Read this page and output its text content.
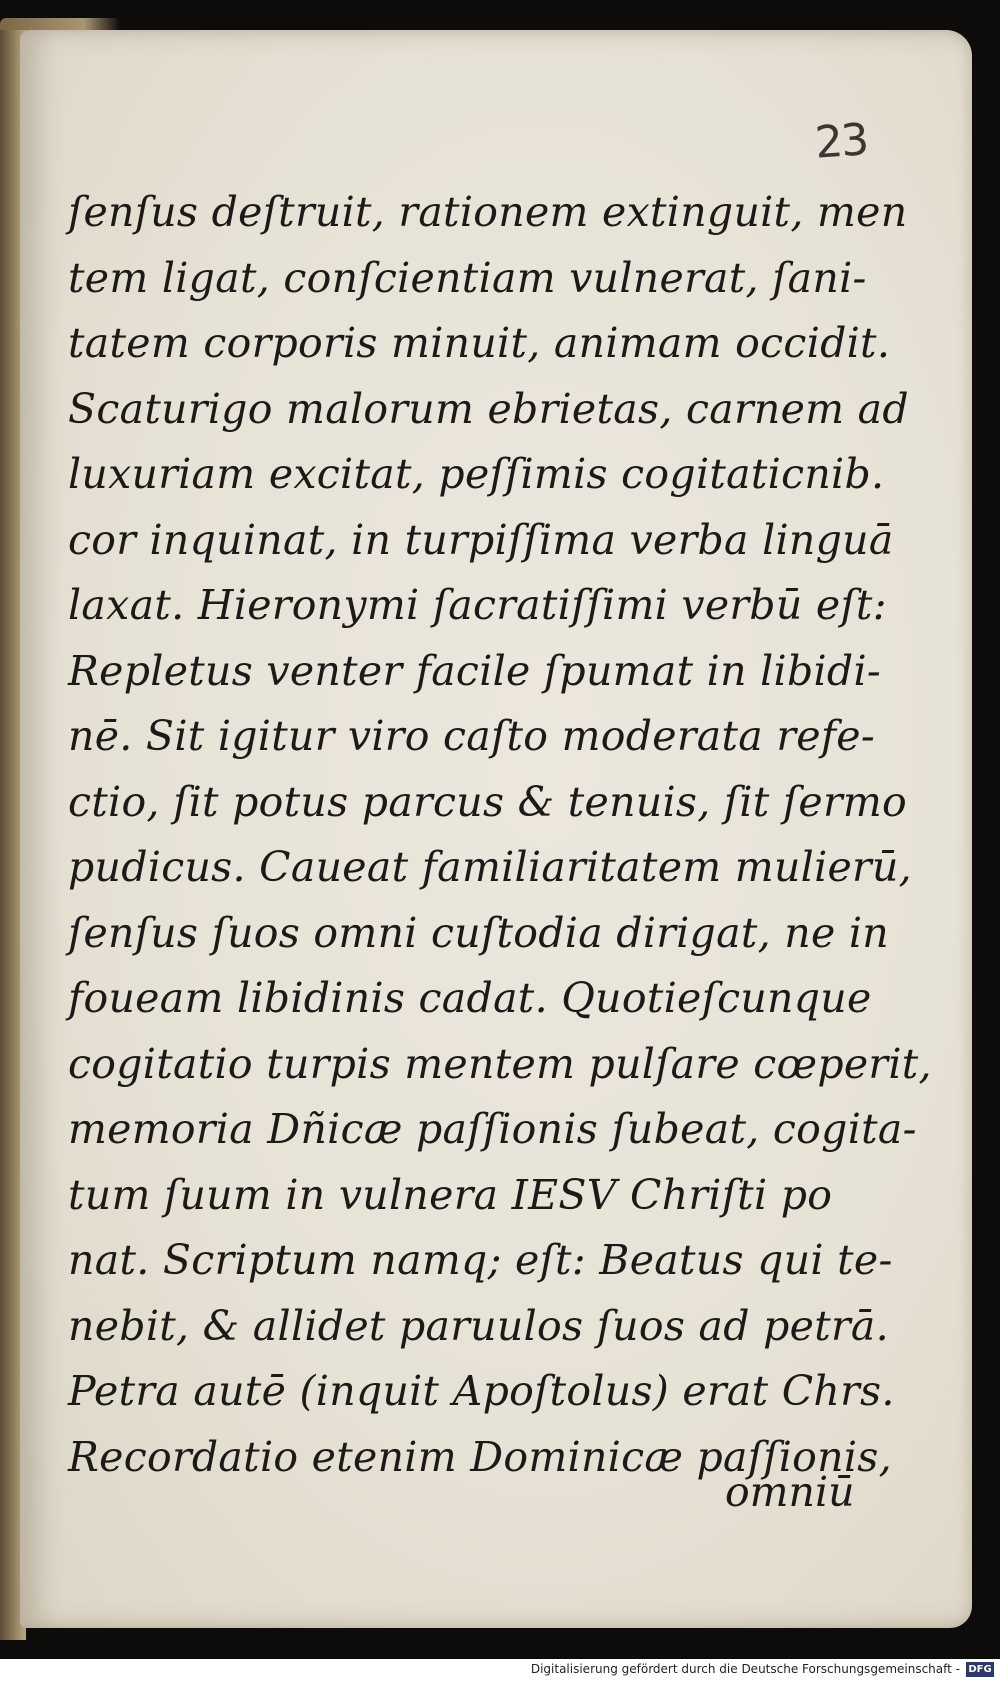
23
ſenſus deſtruit, rationem extinguit, men
tem ligat, conſcientiam vulnerat, ſani-
tatem corporis minuit, animam occidit.
Scaturigo malorum ebrietas, carnem ad
luxuriam excitat, peſſimis cogitaticnib.
cor inquinat, in turpiſſima verba linguā
laxat. Hieronymi ſacratiſſimi verbū eſt:
Repletus venter facile ſpumat in libidi-
nē. Sit igitur viro caſto moderata refe-
ctio, ſit potus parcus & tenuis, ſit ſermo
pudicus. Caueat familiaritatem mulierū,
ſenſus ſuos omni cuſtodia dirigat, ne in
foueam libidinis cadat. Quotieſcunque
cogitatio turpis mentem pulſare cœperit,
memoria Dñicæ paſſionis ſubeat, cogita-
tum ſuum in vulnera IESV Chriſti po
nat. Scriptum namq; eſt: Beatus qui te-
nebit, & allidet paruulos ſuos ad petrā.
Petra autē (inquit Apoſtolus) erat Chrs.
Recordatio etenim Dominicæ paſſionis,
omniū
Digitalisierung gefördert durch die Deutsche Forschungsgemeinschaft - DFG
